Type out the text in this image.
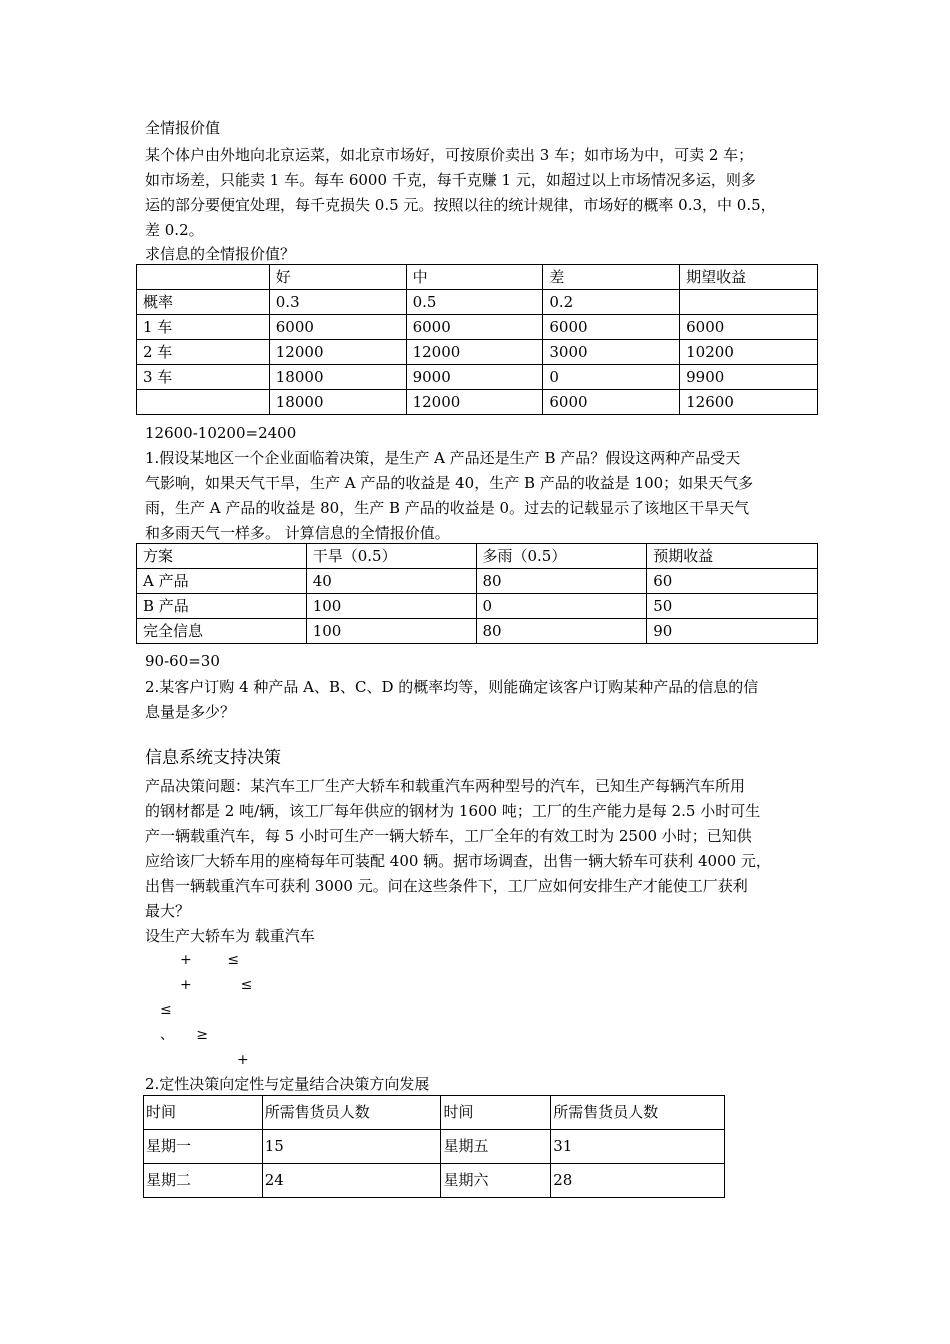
全情报价值
某个体户由外地向北京运菜，如北京市场好，可按原价卖出 3 车；如市场为中，可卖 2 车；
如市场差，只能卖 1 车。每车 6000 千克，每千克赚 1 元，如超过以上市场情况多运，则多
运的部分要便宜处理，每千克损失 0.5 元。按照以往的统计规律，市场好的概率 0.3，中 0.5，
差 0.2。
求信息的全情报价值？
	好	中	差	期望收益
概率	0.3	0.5	0.2	
1 车	6000	6000	6000	6000
2 车	12000	12000	3000	10200
3 车	18000	9000	0	9900
	18000	12000	6000	12600
12600-10200=2400
1.假设某地区一个企业面临着决策，是生产 A 产品还是生产 B 产品？假设这两种产品受天
气影响，如果天气干旱，生产 A 产品的收益是 40，生产 B 产品的收益是 100；如果天气多
雨，生产 A 产品的收益是 80，生产 B 产品的收益是 0。过去的记载显示了该地区干旱天气
和多雨天气一样多。 计算信息的全情报价值。
方案	干旱（0.5）	多雨（0.5）	预期收益
A 产品	40	80	60
B 产品	100	0	50
完全信息	100	80	90
90-60=30
2.某客户订购 4 种产品 A、B、C、D 的概率均等，则能确定该客户订购某种产品的信息的信
息量是多少？
信息系统支持决策
产品决策问题：某汽车工厂生产大轿车和载重汽车两种型号的汽车，已知生产每辆汽车所用
的钢材都是 2 吨/辆，该工厂每年供应的钢材为 1600 吨；工厂的生产能力是每 2.5 小时可生
产一辆载重汽车，每 5 小时可生产一辆大轿车，工厂全年的有效工时为 2500 小时；已知供
应给该厂大轿车用的座椅每年可装配 400 辆。据市场调查，出售一辆大轿车可获利 4000 元，
出售一辆载重汽车可获利 3000 元。问在这些条件下，工厂应如何安排生产才能使工厂获利
最大？
设生产大轿车为 载重汽车
+        ≤
+           ≤
≤
、     ≥
+
2.定性决策向定性与定量结合决策方向发展
时间	所需售货员人数	时间	所需售货员人数
星期一	15	星期五	31
星期二	24	星期六	28
